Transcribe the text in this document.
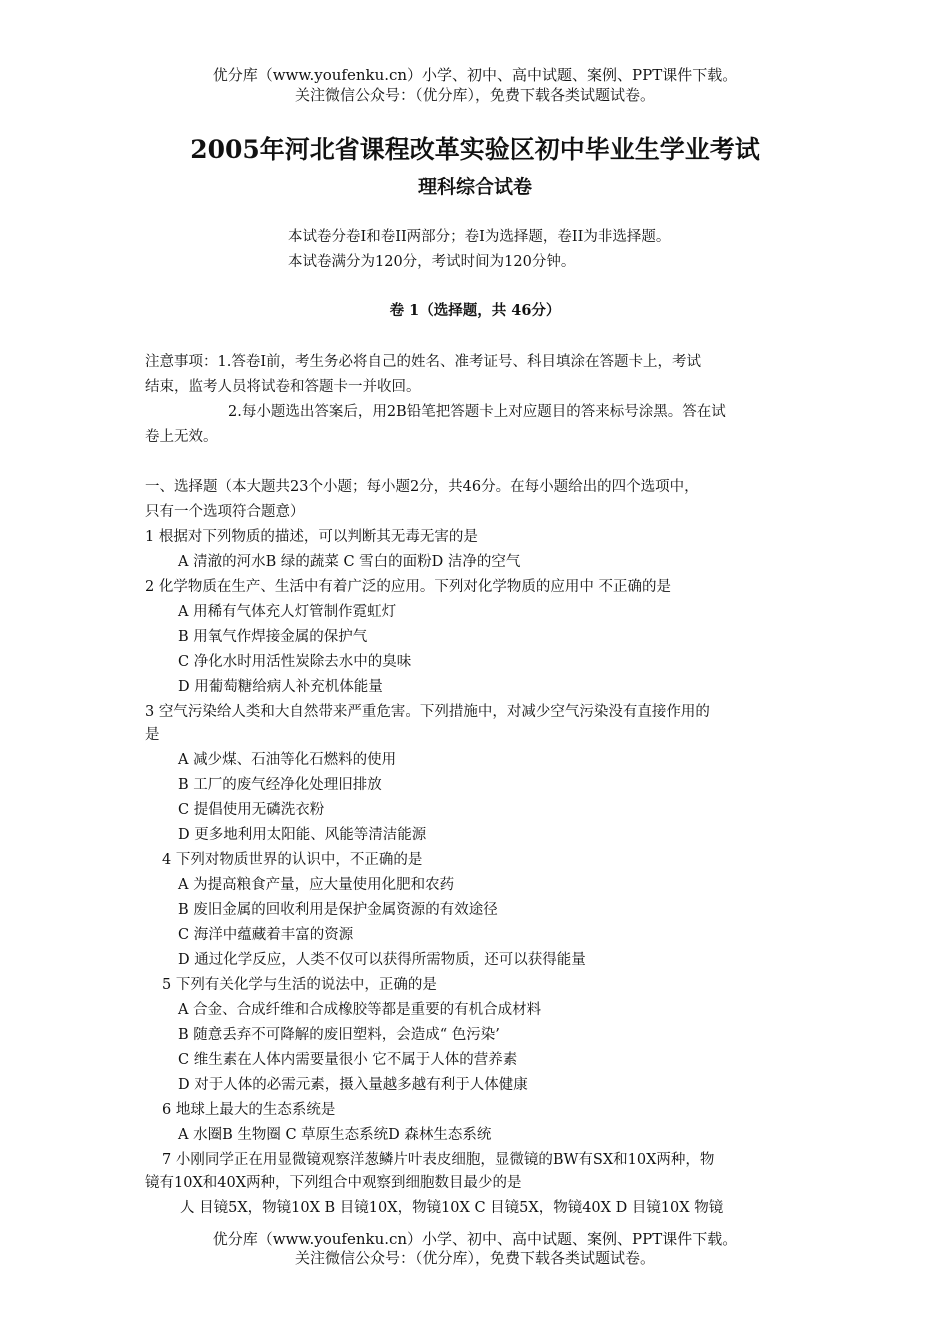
优分库（www.youfenku.cn）小学、初中、高中试题、案例、PPT课件下载。
关注微信公众号：（优分库），免费下载各类试题试卷。
2005年河北省课程改革实验区初中毕业生学业考试
理科综合试卷
本试卷分卷I和卷II两部分；卷I为选择题，卷II为非选择题。
本试卷满分为120分，考试时间为120分钟。
卷 1（选择题，共 46分）
注意事项：1.答卷I前，考生务必将自己的姓名、准考证号、科目填涂在答题卡上，考试
结束，监考人员将试卷和答题卡一并收回。
2.每小题选出答案后，用2B铅笔把答题卡上对应题目的答来标号涂黑。答在试
卷上无效。
一、选择题（本大题共23个小题；每小题2分，共46分。在每小题给出的四个选项中，
只有一个选项符合题意）
1 根据对下列物质的描述，可以判断其无毒无害的是
A 清澈的河水B 绿的蔬菜 C 雪白的面粉D 洁净的空气
2 化学物质在生产、生活中有着广泛的应用。下列对化学物质的应用中 不正确的是
A 用稀有气体充人灯管制作霓虹灯
B 用氧气作焊接金属的保护气
C 净化水时用活性炭除去水中的臭味
D 用葡萄糖给病人补充机体能量
3 空气污染给人类和大自然带来严重危害。下列措施中，对减少空气污染没有直接作用的
是
A 减少煤、石油等化石燃料的使用
B 工厂的废气经净化处理旧排放
C 提倡使用无磷洗衣粉
D 更多地利用太阳能、风能等清洁能源
4 下列对物质世界的认识中，不正确的是
A 为提高粮食产量，应大量使用化肥和农药
B 废旧金属的回收利用是保护金属资源的有效途径
C 海洋中蕴藏着丰富的资源
D 通过化学反应，人类不仅可以获得所需物质，还可以获得能量
5 下列有关化学与生活的说法中，正确的是
A 合金、合成纤维和合成橡胶等都是重要的有机合成材料
B 随意丢弃不可降解的废旧塑料，会造成“ 色污染’
C 维生素在人体内需要量很小 它不属于人体的营养素
D 对于人体的必需元素，摄入量越多越有利于人体健康
6 地球上最大的生态系统是
A 水圈B 生物圈 C 草原生态系统D 森林生态系统
7 小刚同学正在用显微镜观察洋葱鳞片叶表皮细胞，显微镜的BW有SX和10X两种，物
镜有10X和40X两种，下列组合中观察到细胞数目最少的是
人 目镜5X，物镜10X B 目镜10X，物镜10X C 目镜5X，物镜40X D 目镜10X 物镜
优分库（www.youfenku.cn）小学、初中、高中试题、案例、PPT课件下载。
关注微信公众号：（优分库），免费下载各类试题试卷。
